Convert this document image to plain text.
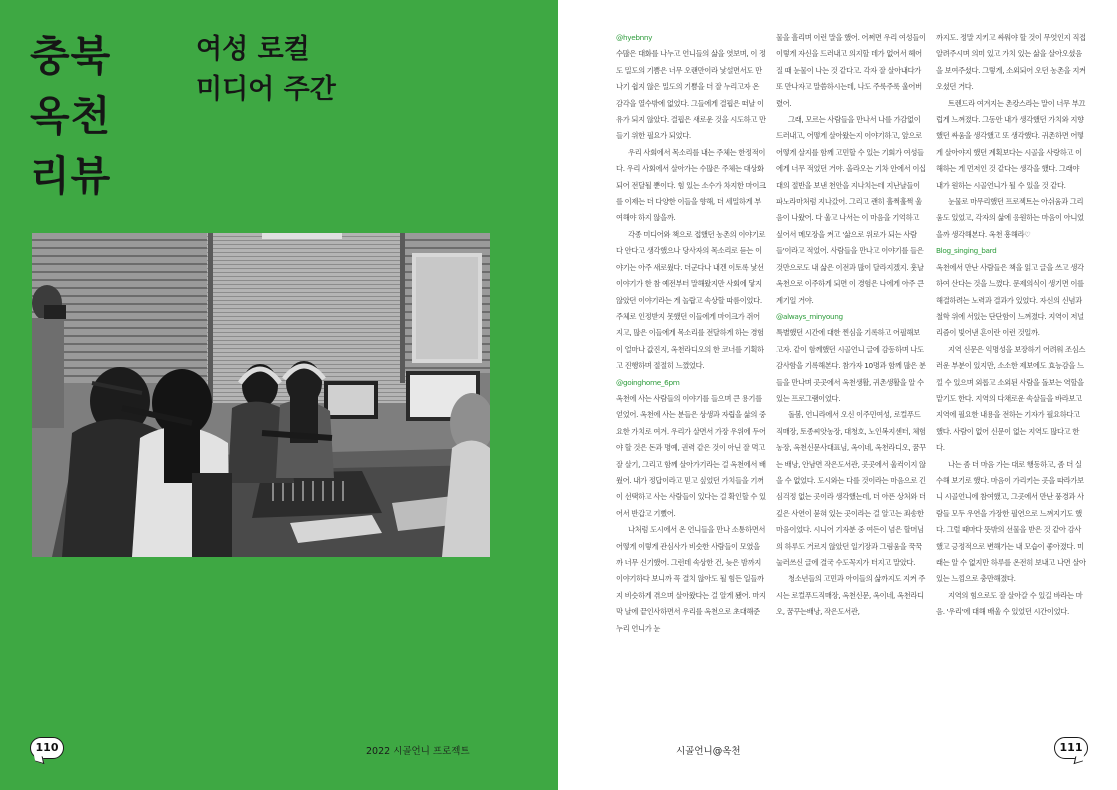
충북
옥천
리뷰
여성 로컬
미디어 주간
110	2022 시골언니 프로젝트

@hyebnny

수많은 대화를 나누고 언니들의 삶을 엿보며, 이 정도 밀도의 기쁨은 너무 오랜만이라 낯설면서도 만나기 쉽지 않은 밀도의 기쁨을 더 잘 누리고자 온 감각을 열수밖에 없었다. 그들에게 결핍은 떠날 이유가 되지 않았다. 결핍은 새로운 것을 시도하고 만들기 위한 필요가 되었다.

우리 사회에서 목소리를 내는 주체는 한정적이다. 우리 사회에서 살아가는 수많은 주체는 대상화되어 전달될 뿐이다. 힘 있는 소수가 차지한 마이크를 이제는 더 다양한 이들을 향해, 더 세밀하게 부여해야 하지 않을까.

각종 미디어와 책으로 접했던 농촌의 이야기로 다 안다고 생각했으나 당사자의 목소리로 듣는 이야기는 아주 새로웠다. 더군다나 내겐 이토록 낯선 이야기가 한 참 예전부터 말해왔지만 사회에 닿지 않았던 이야기라는 게 놀랍고 속상할 따름이었다. 주체로 인정받지 못했던 이들에게 마이크가 쥐어지고, 많은 이들에게 목소리를 전달하게 하는 경험이 얼마나 값진지, 옥천라디오의 한 코너를 기획하고 진행하며 절절히 느꼈었다.

@goinghome_6pm

옥천에 사는 사람들의 이야기를 들으며 큰 용기를 얻었어. 옥천에 사는 분들은 상생과 자립을 삶의 중요한 가치로 여겨. 우리가 살면서 가장 우위에 두어야 할 것은 돈과 명예, 권력 같은 것이 아닌 잘 먹고 잘 살기, 그리고 함께 살아가기라는 걸 옥천에서 배웠어. 내가 정답이라고 믿고 싶었던 가치들을 기꺼이 선택하고 사는 사람들이 있다는 걸 확인할 수 있어서 반갑고 기뻤어.

나처럼 도시에서 온 언니들을 만나 소통하면서 어떻게 이렇게 관심사가 비슷한 사람들이 모였을까 너무 신기했어. 그런데 속상한 건, 늦은 밤까지 이야기하다 보니까 꼭 결치 않아도 될 힘든 일들까지 비슷하게 겪으며 살아왔다는 걸 알게 됐어. 마지막 날에 끝인사하면서 우리를 옥천으로 초대해준 누리 언니가 눈

물을 흘리며 이런 말을 했어. 어쩌면 우리 여성들이 이렇게 자신을 드러내고 의지할 데가 없어서 헤어질 때 눈물이 나는 것 같다고. 각자 잘 살아내다가 또 만나자고 말씀하시는데, 나도 주룩주룩 울어버렸어.

그래, 모르는 사람들을 만나서 나를 가감없이 드러내고, 어떻게 살아왔는지 이야기하고, 앞으로 어떻게 살지를 함께 고민할 수 있는 기회가 여성들에게 너무 적었던 거야. 올라오는 기차 안에서 이십 대의 절반을 보낸 천안을 지나치는데 지난날들이 파노라마처럼 지나갔어. 그리고 괜히 훌쩍훌쩍 울음이 나왔어. 다 울고 나서는 이 마음을 기억하고 싶어서 메모장을 켜고 '삶으로 위로가 되는 사람들'이라고 적었어. 사람들을 만나고 이야기를 들은 것만으로도 내 삶은 이전과 많이 달라지겠지. 훗날 옥천으로 이주하게 되면 이 경험은 나에게 아주 큰 계기일 거야.

@always_minyoung

특별했던 시간에 대한 찐심을 기록하고 어필해보고자. 같이 함께했던 시골언니 글에 감동하며 나도 감사함을 기록해본다. 참가자 10명과 함께 많은 분들을 만나며 곳곳에서 옥천생활, 귀촌생활을 알 수 있는 프로그램이었다.

돌봄, 언니라에서 오신 이주민여성, 로컬푸드직매장, 토종씨앗농장, 대청호, 노인복지센터, 체험농장, 옥천신문사대표님, 옥이네, 옥천라디오, 꿈꾸는 배낭, 안남면 작은도서관, 곳곳에서 울컥이지 않을 수 없었다. 도시와는 다를 것이라는 마음으로 긴심걱정 없는 곳이라 생각했는데, 더 아픈 상처와 더 깊은 사연이 묻혀 있는 곳이라는 걸 알고는 죄송한 마음이었다. 시니어 기자분 중 여든이 넘은 할머님의 하루도 거르지 않았던 일기장과 그림움을 꾹꾹 눌러쓰신 글에 결국 수도꼭지가 터지고 말았다.

청소년들의 고민과 아이들의 삶까지도 지켜 주시는 로컬푸드직매장, 옥천신문, 옥이네, 옥천라디오, 꿈꾸는배낭, 작은도서관,

까지도. 정말 지키고 싸워야 할 것이 무엇인지 직접 알려주시며 의미 있고 가치 있는 삶을 살아오셨음을 보여주셨다. 그렇게, 소외되어 오던 농촌을 지켜오셨던 거다.

트렌드라 여겨지는 촌캉스라는 말이 너무 부끄럽게 느껴졌다. 그동안 내가 생각했던 가치와 지향했던 싸움을 생각했고 또 생각했다. 귀촌하면 어떻게 살아야지 했던 계획보다는 시골을 사랑하고 이해하는 게 먼저인 것 같다는 생각을 했다. 그래야 내가 원하는 시골언니가 될 수 있을 것 같다.

눈물로 마무리했던 프로젝트는 아쉬움과 그리움도 있었고, 각자의 삶에 응원하는 마음이 아니었을까 생각해본다. 옥천 흥해라♡

Blog_singing_bard

옥천에서 만난 사람들은 책을 읽고 글을 쓰고 생각하여 산다는 것을 느꼈다. 문제의식이 생기면 이를 해결하려는 노력과 결과가 있었다. 자신의 신념과 철학 위에 서있는 단단함이 느껴졌다. 지역이 저널리즘이 빛어낸 흔이란 이런 것일까.

지역 신문은 익명성을 보장하기 어려워 조심스러운 부분이 있지만, 소소한 제보에도 효능감을 느낄 수 있으며 외롭고 소외된 사람을 돌보는 역할을 맡기도 한다. 지역의 다채로운 속살들을 바라보고 지역에 필요한 내용을 전하는 기자가 필요하다고 했다. 사람이 없어 신문이 없는 지역도 많다고 한다.

나는 좀 더 마음 가는 대로 행동하고, 좀 더 실수해 보기로 했다. 마음이 가리키는 곳을 따라가보니 시골언니에 참여했고, 그곳에서 만난 풍경과 사람들 모두 우연을 가장한 필연으로 느껴지기도 했다. 그럴 때마다 뜻밖의 선물을 받은 것 같아 감사했고 긍정적으로 변해가는 내 모습이 좋아졌다. 미래는 알 수 없지만 하루를 온전히 보내고 나면 살아있는 느낌으로 충만해졌다.

지역의 힘으로도 잘 살아갈 수 있길 바라는 마음. '우리'에 대해 배울 수 있었던 시간이었다.

시골언니@옥천	111
